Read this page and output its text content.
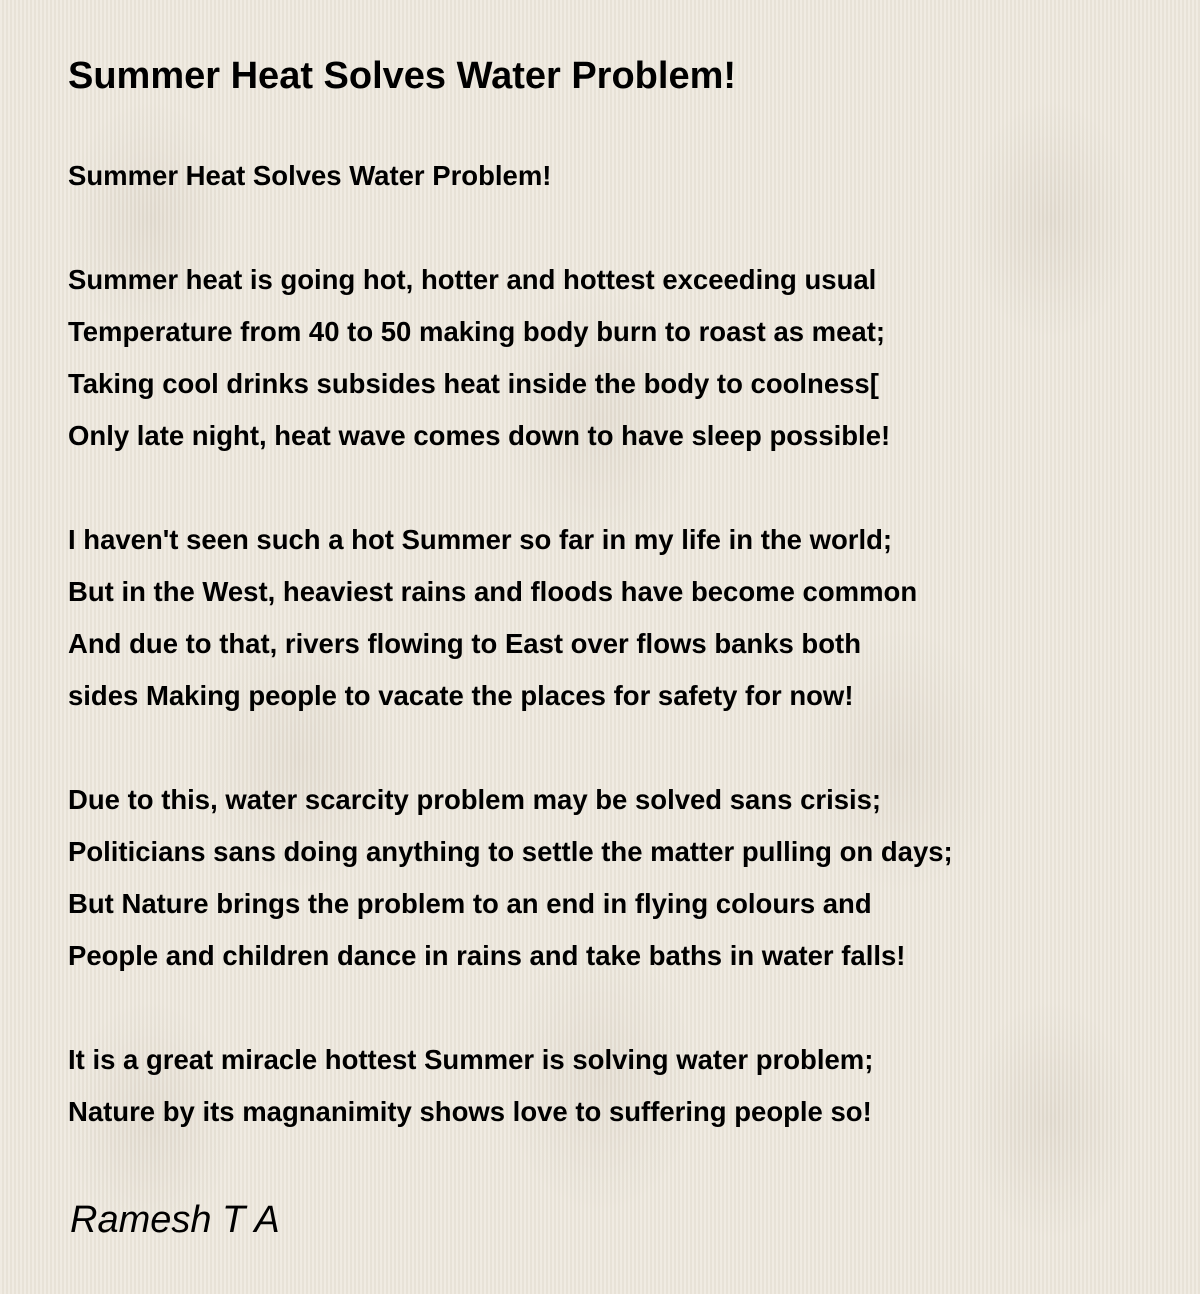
Summer Heat Solves Water Problem!
Summer Heat Solves Water Problem!
Summer heat is going hot, hotter and hottest exceeding usual
Temperature from 40 to 50 making body burn to roast as meat;
Taking cool drinks subsides heat inside the body to coolness[
Only late night, heat wave comes down to have sleep possible!
I haven't seen such a hot Summer so far in my life in the world;
But in the West, heaviest rains and floods have become common
And due to that, rivers flowing to East over flows banks both
sides Making people to vacate the places for safety for now!
Due to this, water scarcity problem may be solved sans crisis;
Politicians sans doing anything to settle the matter pulling on days;
But Nature brings the problem to an end in flying colours and
People and children dance in rains and take baths in water falls!
It is a great miracle hottest Summer is solving water problem;
Nature by its magnanimity shows love to suffering people so!
Ramesh T A
